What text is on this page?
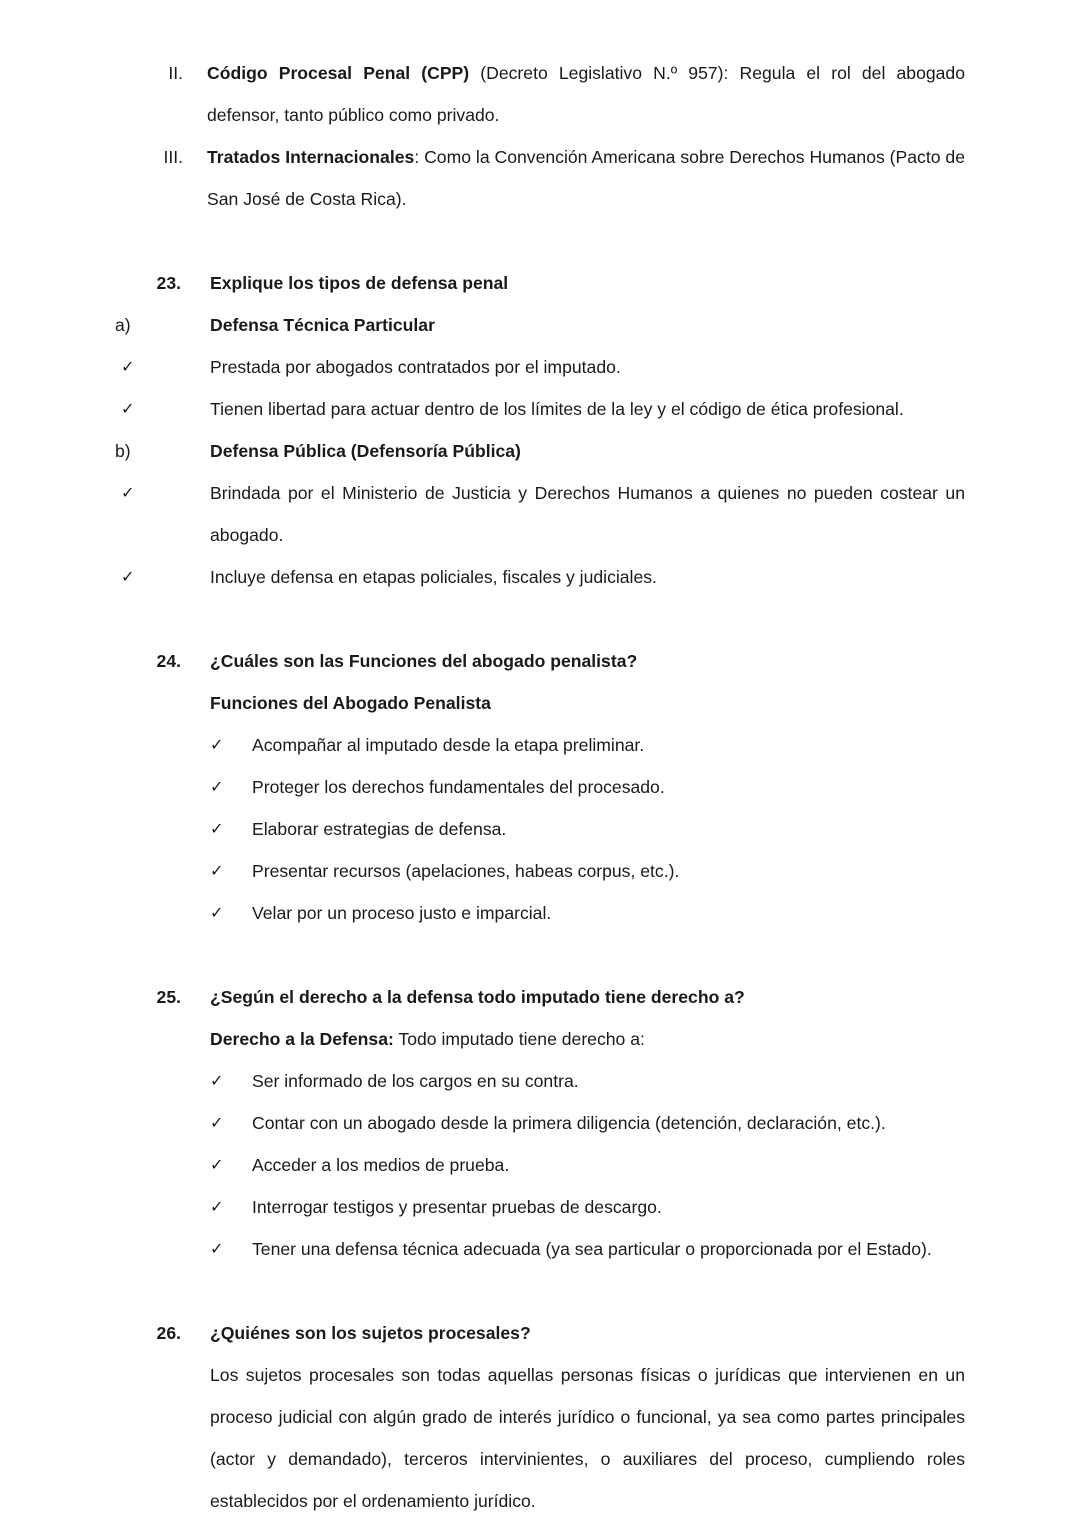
II. Código Procesal Penal (CPP) (Decreto Legislativo N.º 957): Regula el rol del abogado defensor, tanto público como privado.
III. Tratados Internacionales: Como la Convención Americana sobre Derechos Humanos (Pacto de San José de Costa Rica).
23. Explique los tipos de defensa penal
a)	Defensa Técnica Particular
✓	Prestada por abogados contratados por el imputado.
✓	Tienen libertad para actuar dentro de los límites de la ley y el código de ética profesional.
b)	Defensa Pública (Defensoría Pública)
✓	Brindada por el Ministerio de Justicia y Derechos Humanos a quienes no pueden costear un abogado.
✓	Incluye defensa en etapas policiales, fiscales y judiciales.
24. ¿Cuáles son las Funciones del abogado penalista?
Funciones del Abogado Penalista
✓	Acompañar al imputado desde la etapa preliminar.
✓	Proteger los derechos fundamentales del procesado.
✓	Elaborar estrategias de defensa.
✓	Presentar recursos (apelaciones, habeas corpus, etc.).
✓	Velar por un proceso justo e imparcial.
25. ¿Según el derecho a la defensa todo imputado tiene derecho a?
Derecho a la Defensa: Todo imputado tiene derecho a:
✓	Ser informado de los cargos en su contra.
✓	Contar con un abogado desde la primera diligencia (detención, declaración, etc.).
✓	Acceder a los medios de prueba.
✓	Interrogar testigos y presentar pruebas de descargo.
✓	Tener una defensa técnica adecuada (ya sea particular o proporcionada por el Estado).
26. ¿Quiénes son los sujetos procesales?
Los sujetos procesales son todas aquellas personas físicas o jurídicas que intervienen en un proceso judicial con algún grado de interés jurídico o funcional, ya sea como partes principales (actor y demandado), terceros intervinientes, o auxiliares del proceso, cumpliendo roles establecidos por el ordenamiento jurídico.
